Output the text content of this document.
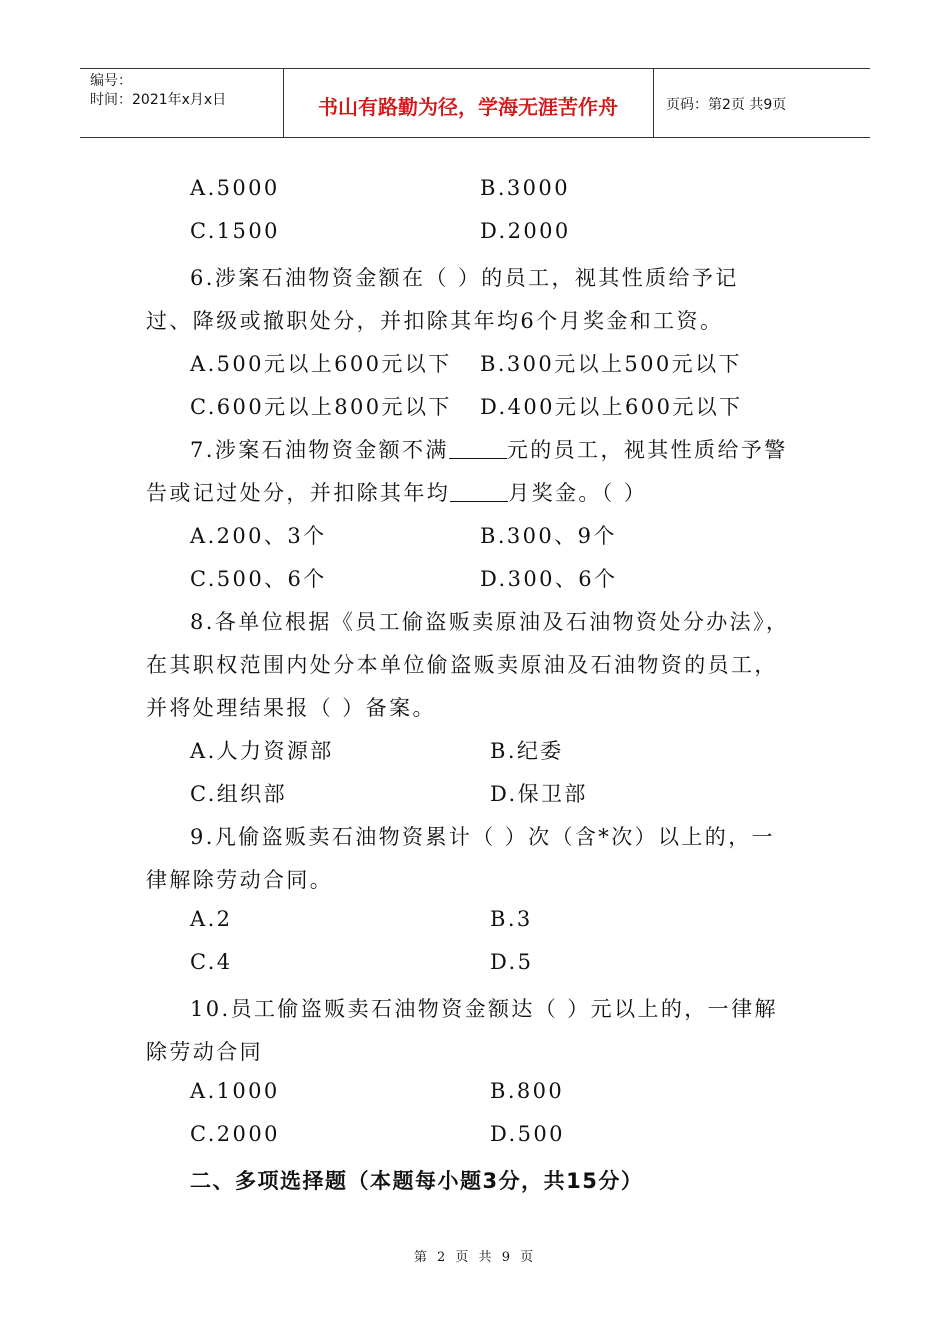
编号：
时间：2021年x月x日	书山有路勤为径，学海无涯苦作舟	页码：第2页 共9页
A.5000	B.3000
C.1500	D.2000
6.涉案石油物资金额在（ ）的员工，视其性质给予记
过、降级或撤职处分，并扣除其年均6个月奖金和工资。
A.500元以上600元以下 B.300元以上500元以下
C.600元以上800元以下 D.400元以上600元以下
7.涉案石油物资金额不满	元的员工，视其性质给予警
告或记过处分，并扣除其年均	月奖金。（ ）
A.200、3个	B.300、9个
C.500、6个	D.300、6个
8.各单位根据《员工偷盗贩卖原油及石油物资处分办法》，
在其职权范围内处分本单位偷盗贩卖原油及石油物资的员工，
并将处理结果报（ ）备案。
A.人力资源部	B.纪委
C.组织部	D.保卫部
9.凡偷盗贩卖石油物资累计（ ）次（含*次）以上的，一
律解除劳动合同。
A.2	B.3
C.4	D.5
10.员工偷盗贩卖石油物资金额达（ ）元以上的，一律解
除劳动合同
A.1000	B.800
C.2000	D.500
二、多项选择题（本题每小题3分，共15分）
第 2 页 共 9 页
